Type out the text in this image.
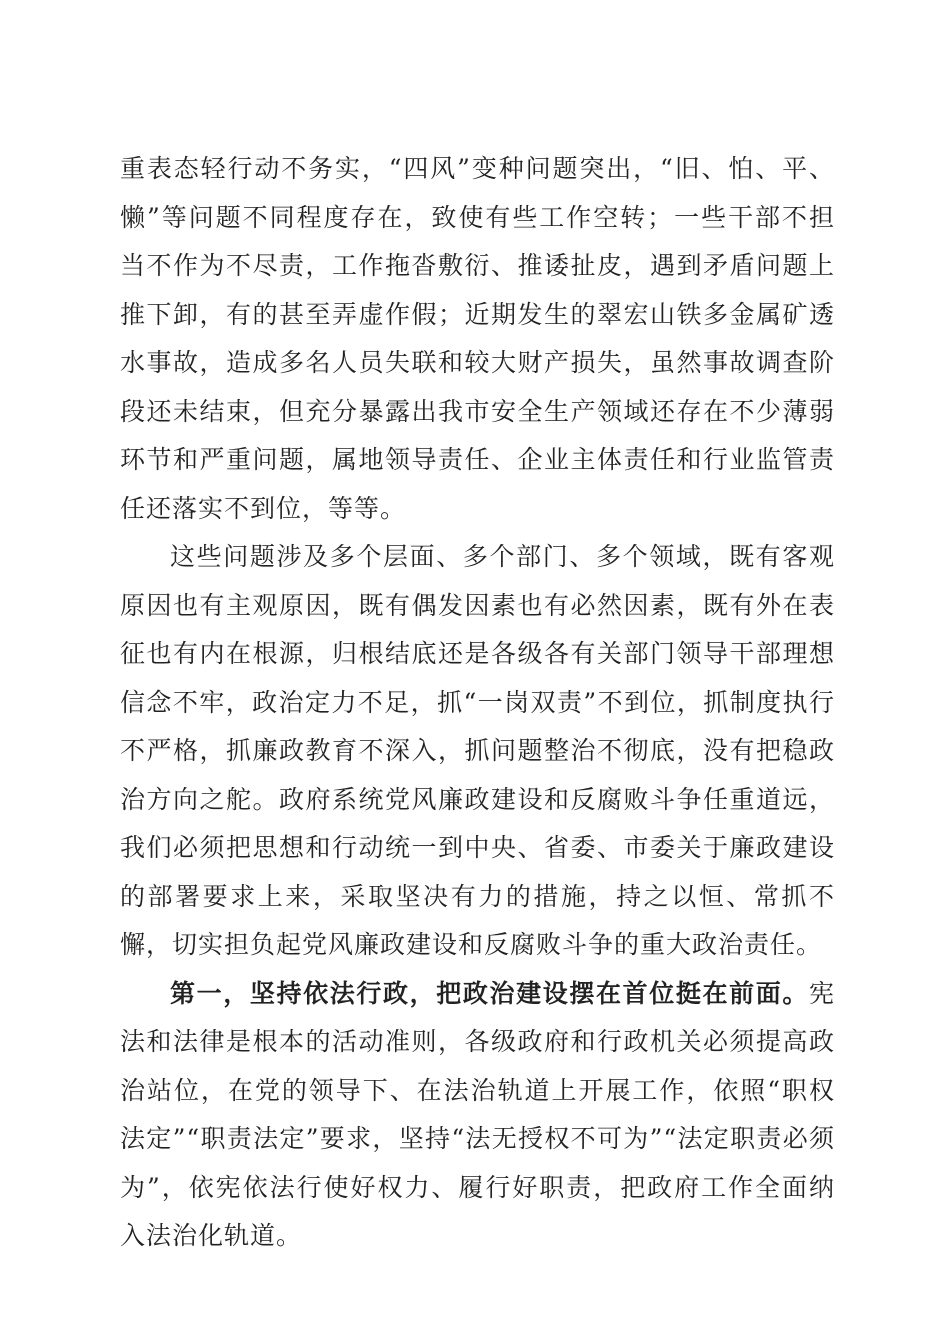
重表态轻行动不务实，“四风”变种问题突出，“旧、怕、平、懒”等问题不同程度存在，致使有些工作空转；一些干部不担当不作为不尽责，工作拖沓敷衍、推诿扯皮，遇到矛盾问题上推下卸，有的甚至弄虚作假；近期发生的翠宏山铁多金属矿透水事故，造成多名人员失联和较大财产损失，虽然事故调查阶段还未结束，但充分暴露出我市安全生产领域还存在不少薄弱环节和严重问题，属地领导责任、企业主体责任和行业监管责任还落实不到位，等等。

这些问题涉及多个层面、多个部门、多个领域，既有客观原因也有主观原因，既有偶发因素也有必然因素，既有外在表征也有内在根源，归根结底还是各级各有关部门领导干部理想信念不牢，政治定力不足，抓“一岗双责”不到位，抓制度执行不严格，抓廉政教育不深入，抓问题整治不彻底，没有把稳政治方向之舵。政府系统党风廉政建设和反腐败斗争任重道远，我们必须把思想和行动统一到中央、省委、市委关于廉政建设的部署要求上来，采取坚决有力的措施，持之以恒、常抓不懈，切实担负起党风廉政建设和反腐败斗争的重大政治责任。

第一，坚持依法行政，把政治建设摆在首位挺在前面。宪法和法律是根本的活动准则，各级政府和行政机关必须提高政治站位，在党的领导下、在法治轨道上开展工作，依照“职权法定”“职责法定”要求，坚持“法无授权不可为”“法定职责必须为”，依宪依法行使好权力、履行好职责，把政府工作全面纳入法治化轨道。
